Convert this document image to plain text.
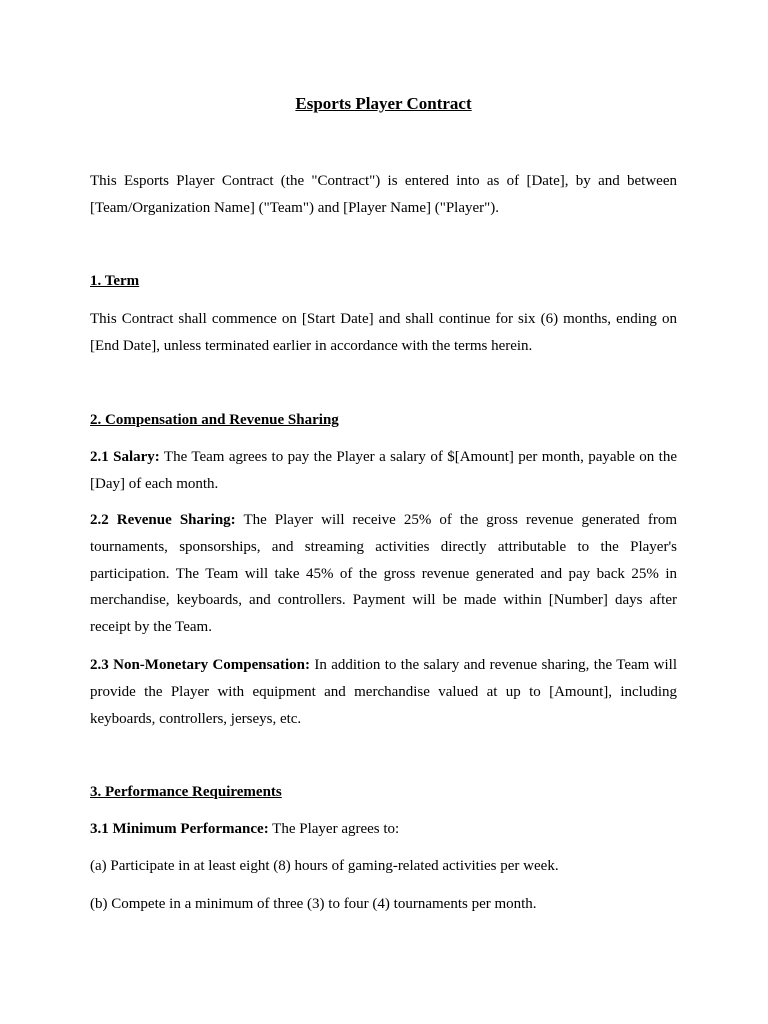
Esports Player Contract

This Esports Player Contract (the "Contract") is entered into as of [Date], by and between [Team/Organization Name] ("Team") and [Player Name] ("Player").

1. Term

This Contract shall commence on [Start Date] and shall continue for six (6) months, ending on [End Date], unless terminated earlier in accordance with the terms herein.

2. Compensation and Revenue Sharing

2.1 Salary: The Team agrees to pay the Player a salary of $[Amount] per month, payable on the [Day] of each month.

2.2 Revenue Sharing: The Player will receive 25% of the gross revenue generated from tournaments, sponsorships, and streaming activities directly attributable to the Player's participation. The Team will take 45% of the gross revenue generated and pay back 25% in merchandise, keyboards, and controllers. Payment will be made within [Number] days after receipt by the Team.

2.3 Non-Monetary Compensation: In addition to the salary and revenue sharing, the Team will provide the Player with equipment and merchandise valued at up to [Amount], including keyboards, controllers, jerseys, etc.

3. Performance Requirements

3.1 Minimum Performance: The Player agrees to:

(a) Participate in at least eight (8) hours of gaming-related activities per week.

(b) Compete in a minimum of three (3) to four (4) tournaments per month.
